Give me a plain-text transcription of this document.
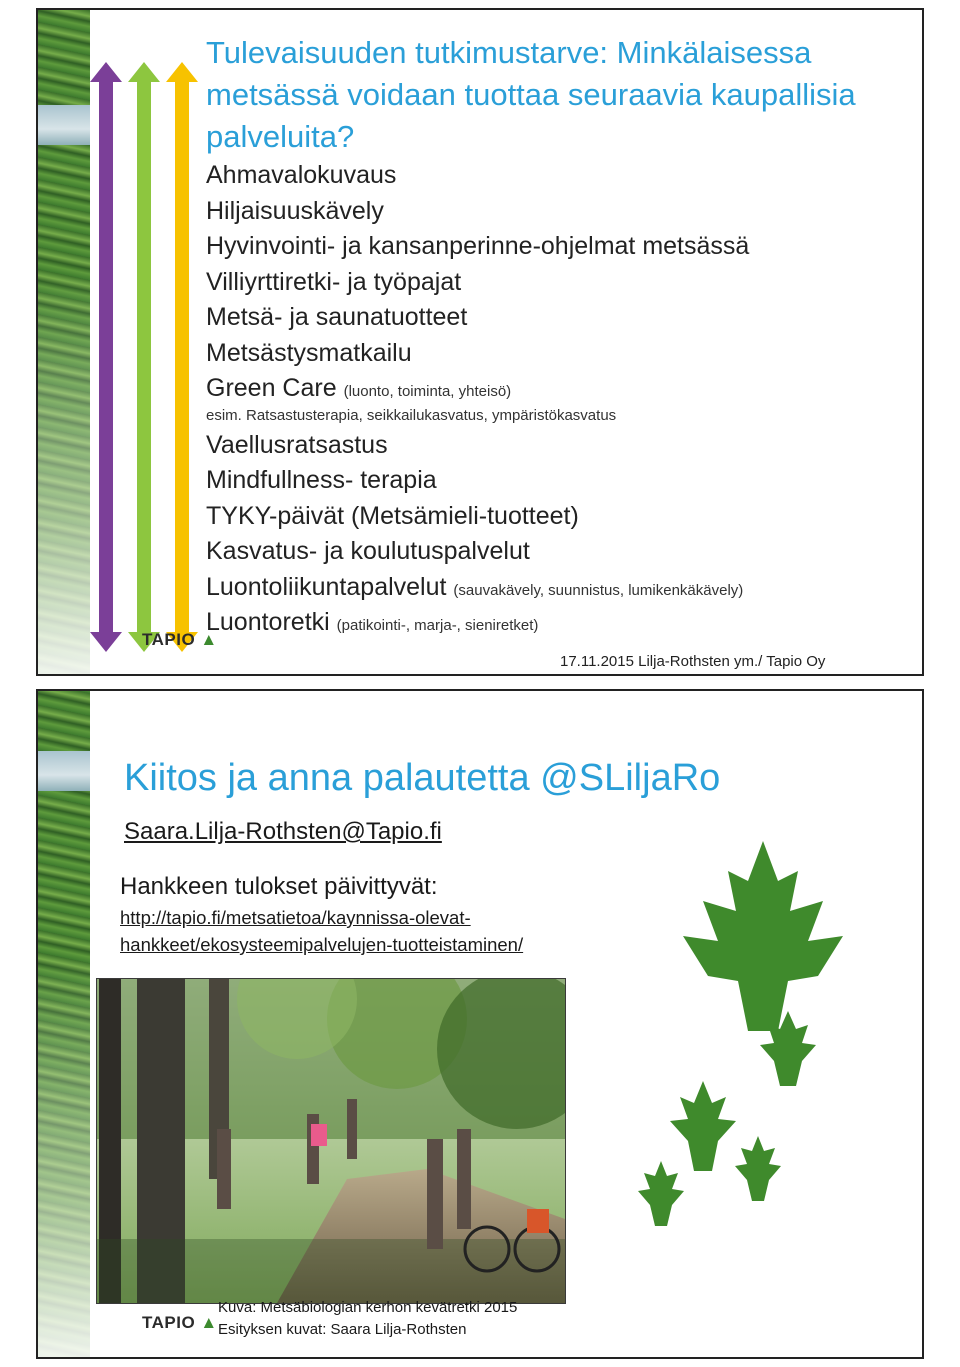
Tulevaisuuden tutkimustarve: Minkälaisessa
metsässä voidaan tuottaa seuraavia kaupallisia
palveluita?
Ahmavalokuvaus
Hiljaisuuskävely
Hyvinvointi- ja kansanperinne-ohjelmat metsässä
Villiyrttiretki- ja työpajat
Metsä- ja saunatuotteet
Metsästysmatkailu
Green Care (luonto, toiminta, yhteisö)
esim. Ratsastusterapia, seikkailukasvatus, ympäristökasvatus
Vaellusratsastus
Mindfullness- terapia
TYKY-päivät (Metsämieli-tuotteet)
Kasvatus- ja koulutuspalvelut
Luontoliikuntapalvelut (sauvakävely, suunnistus, lumikenkäkävely)
Luontoretki (patikointi-, marja-, sieniretket)
TAPIO ▲
17.11.2015 Lilja-Rothsten ym./ Tapio Oy
Kiitos ja anna palautetta @SLiljaRo
Saara.Lilja-Rothsten@Tapio.fi
Hankkeen tulokset päivittyvät:
http://tapio.fi/metsatietoa/kaynnissa-olevat-
hankkeet/ekosysteemipalvelujen-tuotteistaminen/
TAPIO ▲
Kuva: Metsäbiologian kerhon kevätretki 2015
Esityksen kuvat: Saara Lilja-Rothsten
